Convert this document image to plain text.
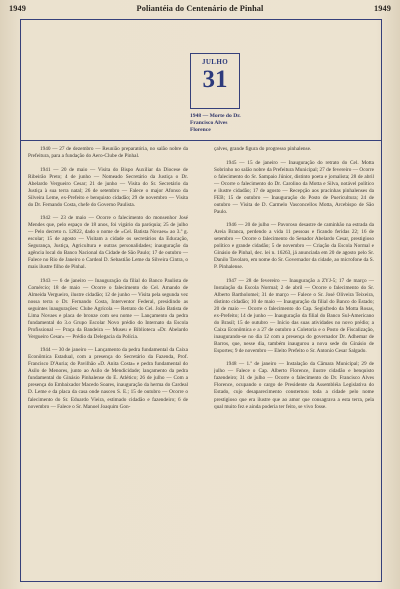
1949	Poliantéia do Centenário de Pinhal	1949
JULHO
31
1948 — Morte do Dr. Francisco Alves Florence

1940 — 27 de dezembro — Reunião preparatória, no salão nobre da Prefeitura, para a fundação do Aero-Clube de Pinhal.

1941 — 20 de maio — Visita do Bispo Auxiliar da Diocese de Ribeirão Preto; 4 de junho — Nomeado Secretário da Justiça o Dr. Abelardo Vergueiro Cesar; 21 de junho — Visita do Sr. Secretário da Justiça à sua terra natal; 26 de setembro — Falece o major Afonso da Silveira Leme, ex-Prefeito e benquisto cidadão; 29 de novembro — Visita do Dr. Fernando Costa, chefe do Governo Paulista.

1942 — 23 de maio — Ocorre o falecimento do monsenhor José Mendes que, pelo espaço de 18 anos, foi vigário da paróquia; 25 de julho — Pelo decreto n. 12822, dado o nome de «Cel. Batista Novaes» ao 3.º g. escolar; 15 de agosto — Visitam a cidade os secretários da Educação, Segurança, Justiça, Agricultura e outras personalidades; inauguração da agência local do Banco Nacional da Cidade de São Paulo; 17 de outubro — Falece no Rio de Janeiro o Cardeal D. Sebastião Leme da Silveira Cintra, o mais ilustre filho de Pinhal.

1943 — 6 de janeiro — Inauguração da filial do Banco Paulista de Comércio; 18 de maio — Ocorre o falecimento do Cel. Amando de Almeida Vergueiro, ilustre cidadão; 12 de junho — Visita pela segunda vez nossa terra o Dr. Fernando Costa, Interventor Federal, presidindo as seguintes inaugurações: Clube Agrícola — Retrato do Cel. João Batista de Lima Novaes e placa de bronze com seu nome — Lançamento da pedra fundamental do 3.o Grupo Escolar Novo prédio do Internato da Escola Profissional — Praça da Bandeira — Museu e Biblioteca «Dr. Abelardo Vergueiro Cesar» — Prédio da Delegacia da Polícia.

1944 — 30 de janeiro — Lançamento da pedra fundamental da Caixa Econômica Estadual, com a presença do Secretário da Fazenda, Prof. Francisco D'Auria; do Pavilhão «D. Anita Costa» e pedra fundamental do Asilo de Menores, junto ao Asilo de Mendicidade; lançamento da pedra fundamental do Ginásio Pinhalense do E. Atlético; 26 de julho — Com a presença do Embaixador Macedo Soares, inauguração da herma do Cardeal D. Leme e da placa da casa onde nasceu S. E.; 15 de outubro — Ocorre o falecimento do Sr. Eduardo Vieira, estimado cidadão e fazendeiro; 6 de novembro — Falece o Sr. Manoel Joaquim Gon-

çalves, grande figura do progresso pinhalense.

1945 — 15 de janeiro — Inauguração do retrato do Cel. Motta Sobrinho no salão nobre da Prefeitura Municipal; 27 de fevereiro — Ocorre o falecimento do Sr. Sampaio Júnior, distinto poeta e jornalista; 28 de abril — Ocorre o falecimento do Dr. Carolino da Motta e Silva, notável político e ilustre cidadão; 17 de agosto — Recepção aos pracinhas pinhalenses da FEB; 15 de outubro — Inauguração do Posto de Puericultura; 24 de outubro — Visita de D. Carmelo Vasconcellos Motta, Arcebispo de São Paulo.

1946 — 20 de julho — Pavoroso desastre de caminhão na estrada da Areia Branca, perdendo a vida 11 pessoas e ficando feridas 22; 16 de setembro — Ocorre o falecimento do Senador Abelardo Cesar, prestigioso político e grande cidadão; 5 de novembro — Criação da Escola Normal e Ginásio de Pinhal, dec. lei n. 16263, já anunciada em 20 de agosto pelo Sr. Danilo Tavolaro, em nome do Sr. Governador da cidade, ao microfone da S. P. Pinhalense.

1947 — 28 de fevereiro — Inauguração a ZYJ-5; 17 de março — Instalação da Escola Normal; 2 de abril — Ocorre o falecimento do Sr. Alberto Bartholomei; 31 de março — Falece o Sr. José Oliveira Teixeira, distinto cidadão; 10 de maio — Inauguração da filial do Banco do Estado; 20 de maio — Ocorre o falecimento do Cap. Segisfredo da Motta Rosas, ex-Prefeito; 14 de junho — Inauguração da filial do Banco Sul-Americano do Brasil; 15 de outubro — Início das suas atividades no novo prédio; a Caixa Econômica e a 27 de outubro a Coletoria e o Posto de Fiscalização, inaugurando-se no dia 12 com a presença do governador Dr. Adhemar de Barros, que, nesse dia, também inaugurou a nova sede do Ginásio de Esportes; 9 de novembro — Eleito Prefeito o Sr. Antonio Cesar Salgado.

1948 — 1.º de janeiro — Instalação da Câmara Municipal; 29 de julho — Falece o Cap. Alberto Florence, ilustre cidadão e benquisto fazendeiro; 31 de julho — Ocorre o falecimento do Dr. Francisco Alves Florence, ocupando o cargo de Presidente da Assembléia Legislativa do Estado, cujo desaparecimento consternou toda a cidade pelo nome prestigioso que era ilustre que ao amor que consagrava a esta terra, pela qual muito fez e ainda poderia ter feito, se vivo fosse.
